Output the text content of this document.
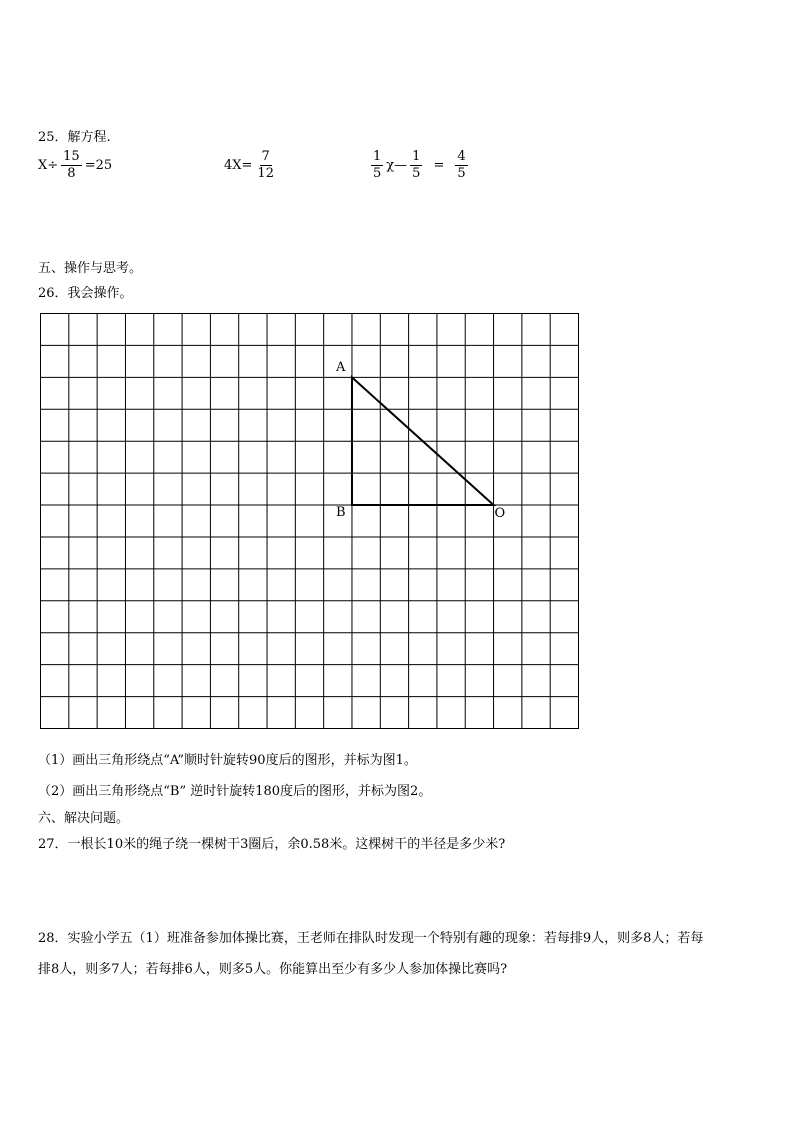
25．解方程.
$X\div \frac{15}{8} =25$	$4X= \frac{7}{12}$	$\frac{1}{5}$ χ— $\frac{1}{5} = \frac{4}{5}$
五、操作与思考。
26．我会操作。
A
B	O
（1）画出三角形绕点“A”顺时针旋转90度后的图形，并标为图1。
（2）画出三角形绕点“B” 逆时针旋转180度后的图形，并标为图2。
六、解决问题。
27．一根长10米的绳子绕一棵树干3圈后，余0.58米。这棵树干的半径是多少米?
28．实验小学五（1）班准备参加体操比赛，王老师在排队时发现一个特别有趣的现象：若每排9人，则多8人；若每
排8人，则多7人；若每排6人，则多5人。你能算出至少有多少人参加体操比赛吗?
